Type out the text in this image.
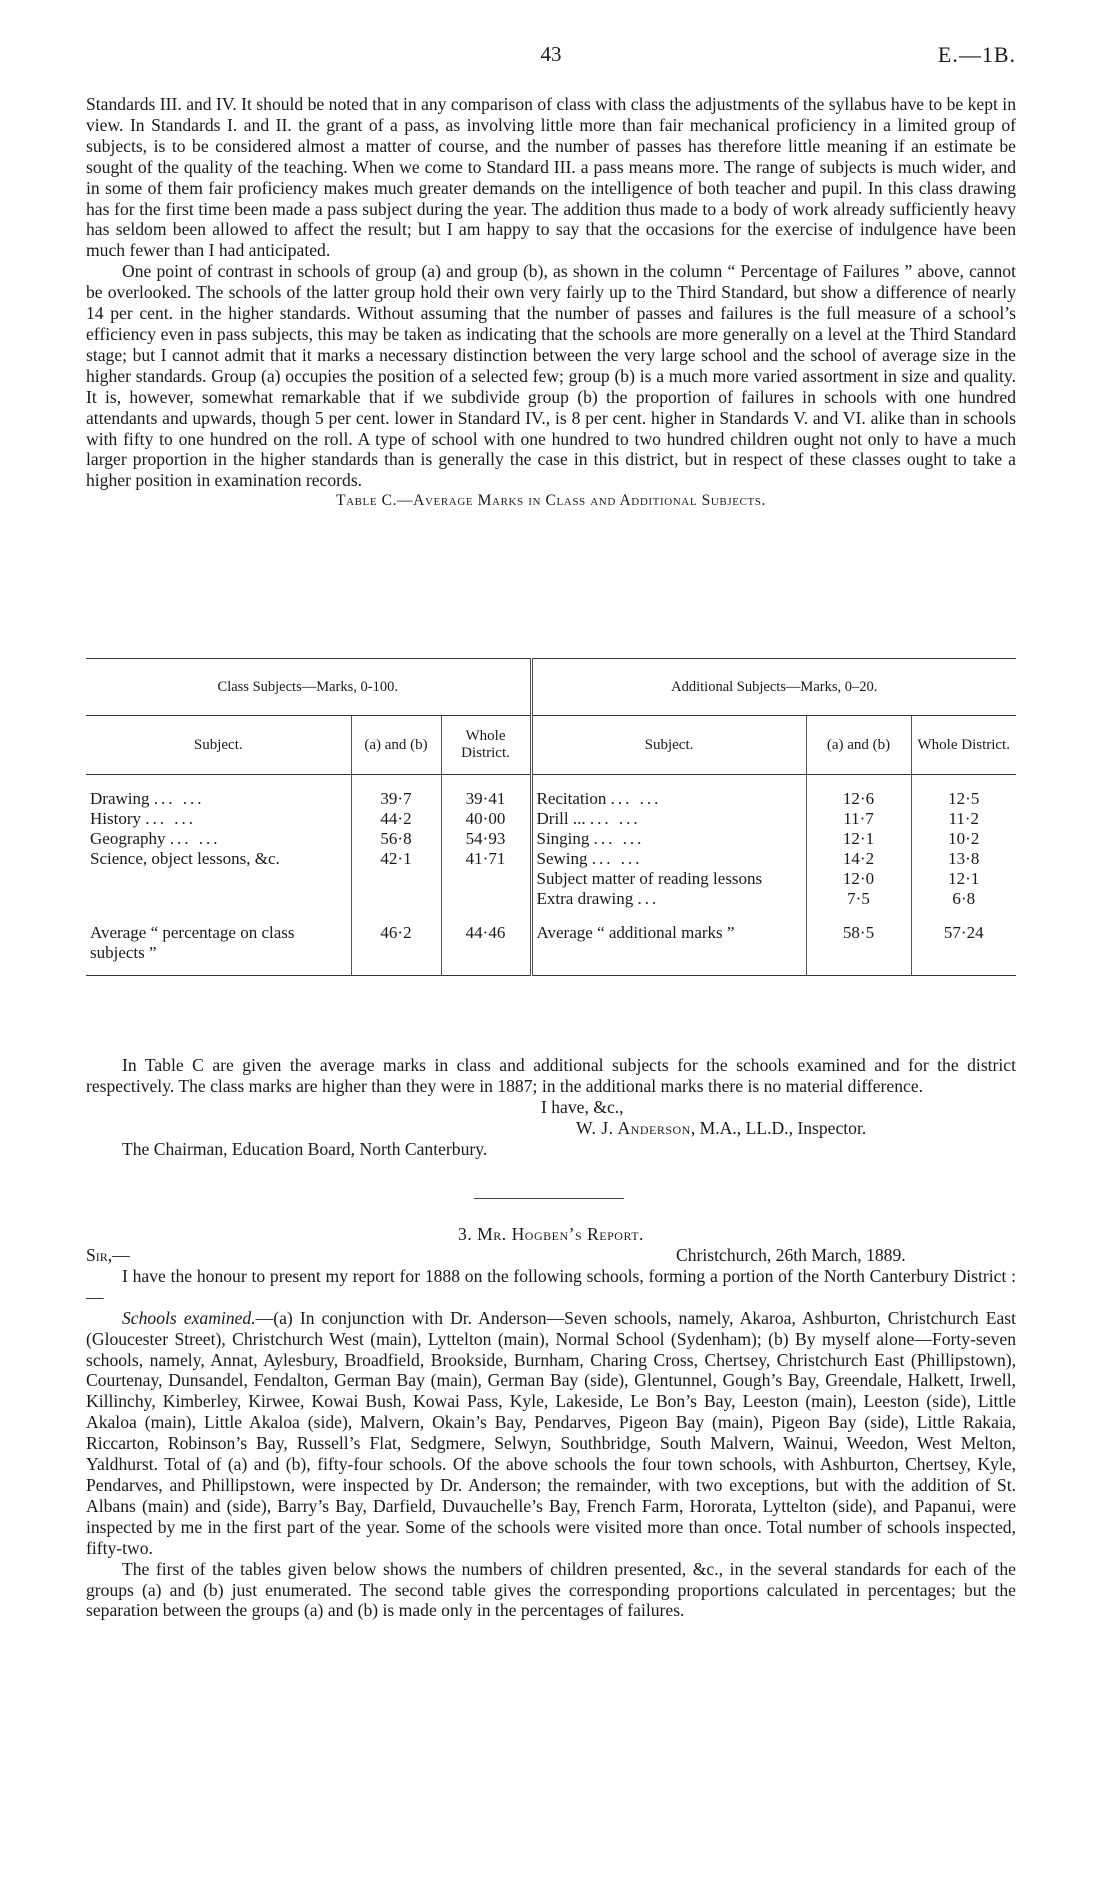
43	E.—1B.

Standards III. and IV. It should be noted that in any comparison of class with class the adjustments of the syllabus have to be kept in view. In Standards I. and II. the grant of a pass, as involving little more than fair mechanical proficiency in a limited group of subjects, is to be considered almost a matter of course, and the number of passes has therefore little meaning if an estimate be sought of the quality of the teaching. When we come to Standard III. a pass means more. The range of subjects is much wider, and in some of them fair proficiency makes much greater demands on the intelligence of both teacher and pupil. In this class drawing has for the first time been made a pass subject during the year. The addition thus made to a body of work already sufficiently heavy has seldom been allowed to affect the result; but I am happy to say that the occasions for the exercise of indulgence have been much fewer than I had anticipated.

One point of contrast in schools of group (a) and group (b), as shown in the column “ Percentage of Failures ” above, cannot be overlooked. The schools of the latter group hold their own very fairly up to the Third Standard, but show a difference of nearly 14 per cent. in the higher standards. Without assuming that the number of passes and failures is the full measure of a school’s efficiency even in pass subjects, this may be taken as indicating that the schools are more generally on a level at the Third Standard stage; but I cannot admit that it marks a necessary distinction between the very large school and the school of average size in the higher standards. Group (a) occupies the position of a selected few; group (b) is a much more varied assortment in size and quality. It is, however, somewhat remarkable that if we subdivide group (b) the proportion of failures in schools with one hundred attendants and upwards, though 5 per cent. lower in Standard IV., is 8 per cent. higher in Standards V. and VI. alike than in schools with fifty to one hundred on the roll. A type of school with one hundred to two hundred children ought not only to have a much larger proportion in the higher standards than is generally the case in this district, but in respect of these classes ought to take a higher position in examination records.

Table C.—Average Marks in Class and Additional Subjects.

Class Subjects—Marks, 0-100.			Additional Subjects—Marks, 0–20.		
Subject.	(a) and (b)	Whole District.	Subject.	(a) and (b)	Whole District.

Drawing ... ...	39·7	39·41	Recitation ... ...	12·6	12·5
History ... ...	44·2	40·00	Drill ... ... ...	11·7	11·2
Geography ... ...	56·8	54·93	Singing ... ...	12·1	10·2
Science, object lessons, &c.	42·1	41·71	Sewing ... ...	14·2	13·8
			Subject matter of reading lessons	12·0	12·1
			Extra drawing ...	7·5	6·8

Average “ percentage on class subjects ”	46·2	44·46	Average “ additional marks ”	58·5	57·24

In Table C are given the average marks in class and additional subjects for the schools examined and for the district respectively. The class marks are higher than they were in 1887; in the additional marks there is no material difference.

I have, &c.,

W. J. Anderson, M.A., LL.D., Inspector.

The Chairman, Education Board, North Canterbury.

3. Mr. Hogben’s Report.

Sir,—	Christchurch, 26th March, 1889.

I have the honour to present my report for 1888 on the following schools, forming a portion of the North Canterbury District :—

Schools examined.—(a) In conjunction with Dr. Anderson—Seven schools, namely, Akaroa, Ashburton, Christchurch East (Gloucester Street), Christchurch West (main), Lyttelton (main), Normal School (Sydenham); (b) By myself alone—Forty-seven schools, namely, Annat, Aylesbury, Broadfield, Brookside, Burnham, Charing Cross, Chertsey, Christchurch East (Phillipstown), Courtenay, Dunsandel, Fendalton, German Bay (main), German Bay (side), Glentunnel, Gough’s Bay, Greendale, Halkett, Irwell, Killinchy, Kimberley, Kirwee, Kowai Bush, Kowai Pass, Kyle, Lakeside, Le Bon’s Bay, Leeston (main), Leeston (side), Little Akaloa (main), Little Akaloa (side), Malvern, Okain’s Bay, Pendarves, Pigeon Bay (main), Pigeon Bay (side), Little Rakaia, Riccarton, Robinson’s Bay, Russell’s Flat, Sedgmere, Selwyn, Southbridge, South Malvern, Wainui, Weedon, West Melton, Yaldhurst. Total of (a) and (b), fifty-four schools. Of the above schools the four town schools, with Ashburton, Chertsey, Kyle, Pendarves, and Phillipstown, were inspected by Dr. Anderson; the remainder, with two exceptions, but with the addition of St. Albans (main) and (side), Barry’s Bay, Darfield, Duvauchelle’s Bay, French Farm, Hororata, Lyttelton (side), and Papanui, were inspected by me in the first part of the year. Some of the schools were visited more than once. Total number of schools inspected, fifty-two.

The first of the tables given below shows the numbers of children presented, &c., in the several standards for each of the groups (a) and (b) just enumerated. The second table gives the corresponding proportions calculated in percentages; but the separation between the groups (a) and (b) is made only in the percentages of failures.
